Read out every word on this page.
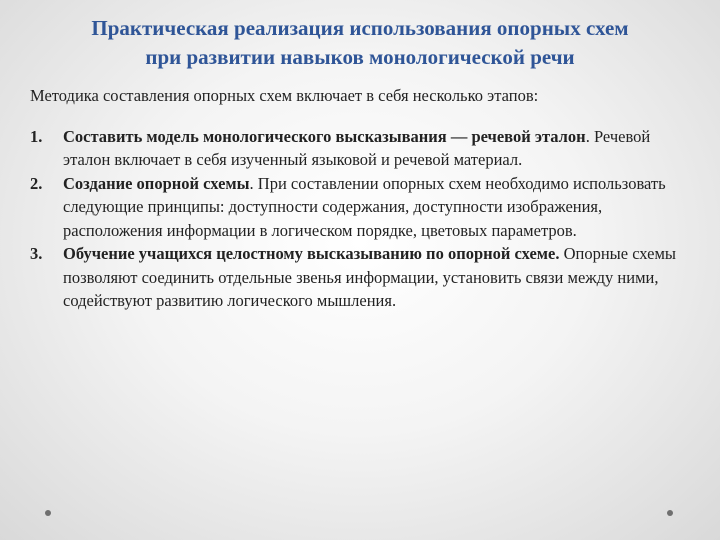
Практическая реализация использования опорных схем
при развитии навыков монологической речи

Методика составления опорных схем включает в себя несколько этапов:

1. Составить модель монологического высказывания — речевой эталон. Речевой эталон включает в себя изученный языковой и речевой материал.
2. Создание опорной схемы. При составлении опорных схем необходимо использовать следующие принципы: доступности содержания, доступности изображения, расположения информации в логическом порядке, цветовых параметров.
3. Обучение учащихся целостному высказыванию по опорной схеме. Опорные схемы позволяют соединить отдельные звенья информации, установить связи между ними, содействуют развитию логического мышления.
